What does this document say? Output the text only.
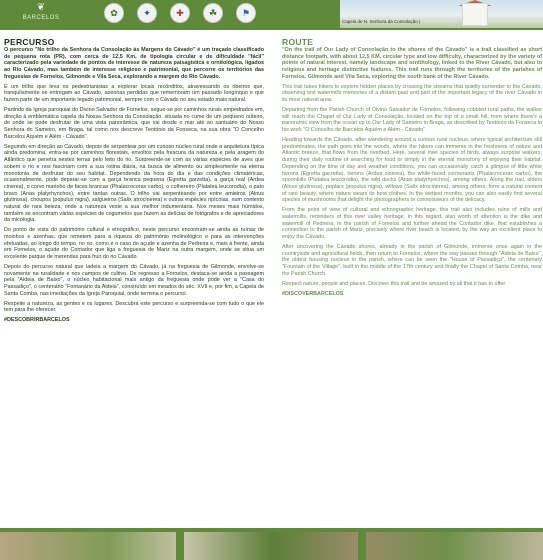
❦
BARCELOS
✿	✦	✚	☘	⚑
Capela de N. Senhora da Consolação |
PERCURSO

O percurso "No trilho da Senhora da Consolação às Margens do Cávado" é um traçado classificado de pequena rota (PR), com cerca de 12,5 Km, de tipologia circular e de dificuldade "fácil" caracterizado pela variedade de pontos de interesse de natureza paisagística e ornitológica, ligados ao Rio Cávado, mas também de interesse religioso e patrimonial, que percorre os territórios das freguesias de Fornelos, Gilmonde e Vila Seca, explorando a margem do Rio Cávado.

É um trilho que leva os pedestrianistas a explorar locais recônditos, atravessando os ribeiros que, tranquilamente se entregam ao Cávado, azenhas perdidas que rememoram um passado longínquo e que fazem parte de um importante legado patrimonial, sempre com o Cávado no seu estado mais natural.

Partindo da Igreja paroquial do Divino Salvador de Fornelos, segue-se por caminhos rurais empedrados em, direção à emblemática capela da Nossa Senhora da Consolação, situada no cume de um pequeno outeiro, de onde se pode desfrutar de uma vista panorâmica, que vai desde o mar até ao santuário do Nosso Senhora do Sameiro, em Braga, tal como nos descreve Teotónio da Fonseca, na sua obra "O Concelho Barcelos Aquém e Além - Cávado".

Seguindo em direção ao Cávado, depois de serpentear por um curioso núcleo rural onde a arquitetura típica ainda predomina, entra-se por caminhos florestais, envoltos pela frescura da natureza e pela aragem do Atlântico que penetra nestes terras pelo leito do rio. Surpreende-se com as várias espécies de aves que sobem o rio e nos fascinam com a sua rotina diária, na busca de alimento ou simplesmente na eterna monotonia de desfrutar do seu habitat. Dependendo da hora do dia e das condições climatéricas, ocasionalmente, pode deparar-se com a garça branca pequena (Egretta garzetta), a garça real (Ardea cinerea), o corvo marinho de faces brancas (Phalacrocorax carbo), o colhereiro (Platalea leucorodia), o pato bravo (Anas platyrhynchos), entre tantas outras. O trilho vai serpenteando por entre amieiros (Alnus glutinosa), choupos (populus nigra), salgueiros (Salix atrocinerea) e outras espécies ripícolas, num contexto natural de rara beleza, onde a natureza veste a sua melhor indumentária. Nos meses mais húmidos, também se encontram várias espécies de cogumelos que fazem as delícias de fotógrafos e de apreciadores da micologia.

Do ponto de vista do património cultural e etnográfico, neste percurso encontram-se ainda as ruínas de moinhos e azenhas, que remetem para a riqueza do património molinológico e para as intervenções efetuadas, ao longo do tempo, no rio, como é o caso do açude e azenha de Pedreira e, mais à frente, ainda em Fornelos, o açude do Contador que liga a freguesia de Mariz na outra margem, onde se situa um excelente parque de merendas para fruir do rio Cávado.

Depois do percurso natural que ladeia a margem do Cávado, já na freguesia de Gilmonde, envolve-se novamente na ruralidade e nos campos de cultivo. De regresso a Fornelos, destaca-se ainda a passagem pela "Aldeia de Baixo", o núcleo habitacional mais antigo da freguesia onde pode ver a "Casa do Passadiço", o centenário "Fontanário da Aldeia", construído em meados do séc. XVII e, por fim, a Capela de Santa Comba, nas imediações da Igreja Paroquial, onde termina o percurso.

Respeite a natureza, as gentes e os lugares. Descubra este percurso e surpreenda-se com tudo o que ele tem para lhe oferecer.

#DESCOBRIRBARCELOS

ROUTE

"On the trail of Our Lady of Consolação to the shores of the Cávado" is a trail classified as short distance footpath, with about 12,5 KM, circular type and low difficulty, characterized by the variety of points of natural interest, namely landscape and ornithology, linked to the River Cávado, but also to religious and heritage distinctive features. This trail runs through the territories of the parishes of Fornelos, Gilmonde and Vila Seca, exploring the south bank of the River Cávado.

This trail takes hikers to explore hidden places by crossing the streams that quietly surrender to the Cávado, observing lost watermills memories of a distant past and part of the important legacy of the river Cávado in its most natural area.

Departing from the Parish Church of Divino Salvador de Fornelos, following cobbled rural paths, the walker will reach the Chapel of Our Lady of Consolação, located on the top of a small hill, from where there's a panoramic view from the ocean up to Our Lady of Sameiro in Braga, as described by Teotónio da Fonseca in his work "O Concelho de Barcelos Aquém e Além - Cávado".

Heading towards the Cávado, after wandering around a curious rural nucleus, where typical architecture still predominates, the path goes into the woods, where the hikers can immerse in the freshness of nature and Atlantic breeze, that flows from the riverbed. Here, several river species of birds, always surprise walkers, during their daily routine of searching for food or simply in the eternal monotony of enjoying their habitat. Depending on the time of day and weather conditions, you can occasionally catch a glimpse of little white herons (Egretta garzetta), herons (Ardea cinerea), the white-faced cormorants (Phalacrocorax carbo), the spoonbills (Platalea leucorodia), the wild ducks (Anas platyrhynchos), among others. Along the trail, alders (Alnus glutinosa), poplars (populus nigra), willows (Salix atrocinerea), among others, form a natural context of rare beauty, where nature wears its best clothes. In the wettest months, you can also easily find several species of mushrooms that delight the photographers or connoisseurs of the delicacy.

From the point of view of cultural and ethnographic heritage, this trail also includes ruins of mills and watermills, reminders of this river valley heritage, in this regard, also worth of attention is the dike and watermill of Pedreira, in the parish of Fornelos and further ahead the Contador dike, that establishes a connection to the parish of Mariz, precisely where river beach is located, by the way an excellent place to enjoy the Cávado.

After uncovering the Cávado shores, already in the parish of Gilmonde, immerse once again in the countryside and agricultural fields, then return to Fornelos, where the way passes through "Aldeia de Baixo", the oldest housing nucleus in the parish, where can be seen the "House of Passadiço", the centenary "Fountain of the Village", built in the middle of the 17th century and finally the Chapel of Santa Comba, near the Parish Church.

Respect nature, people and places. Discover this trail and be amazed by all that it has to offer.

#DISCOVERBARCELOS
